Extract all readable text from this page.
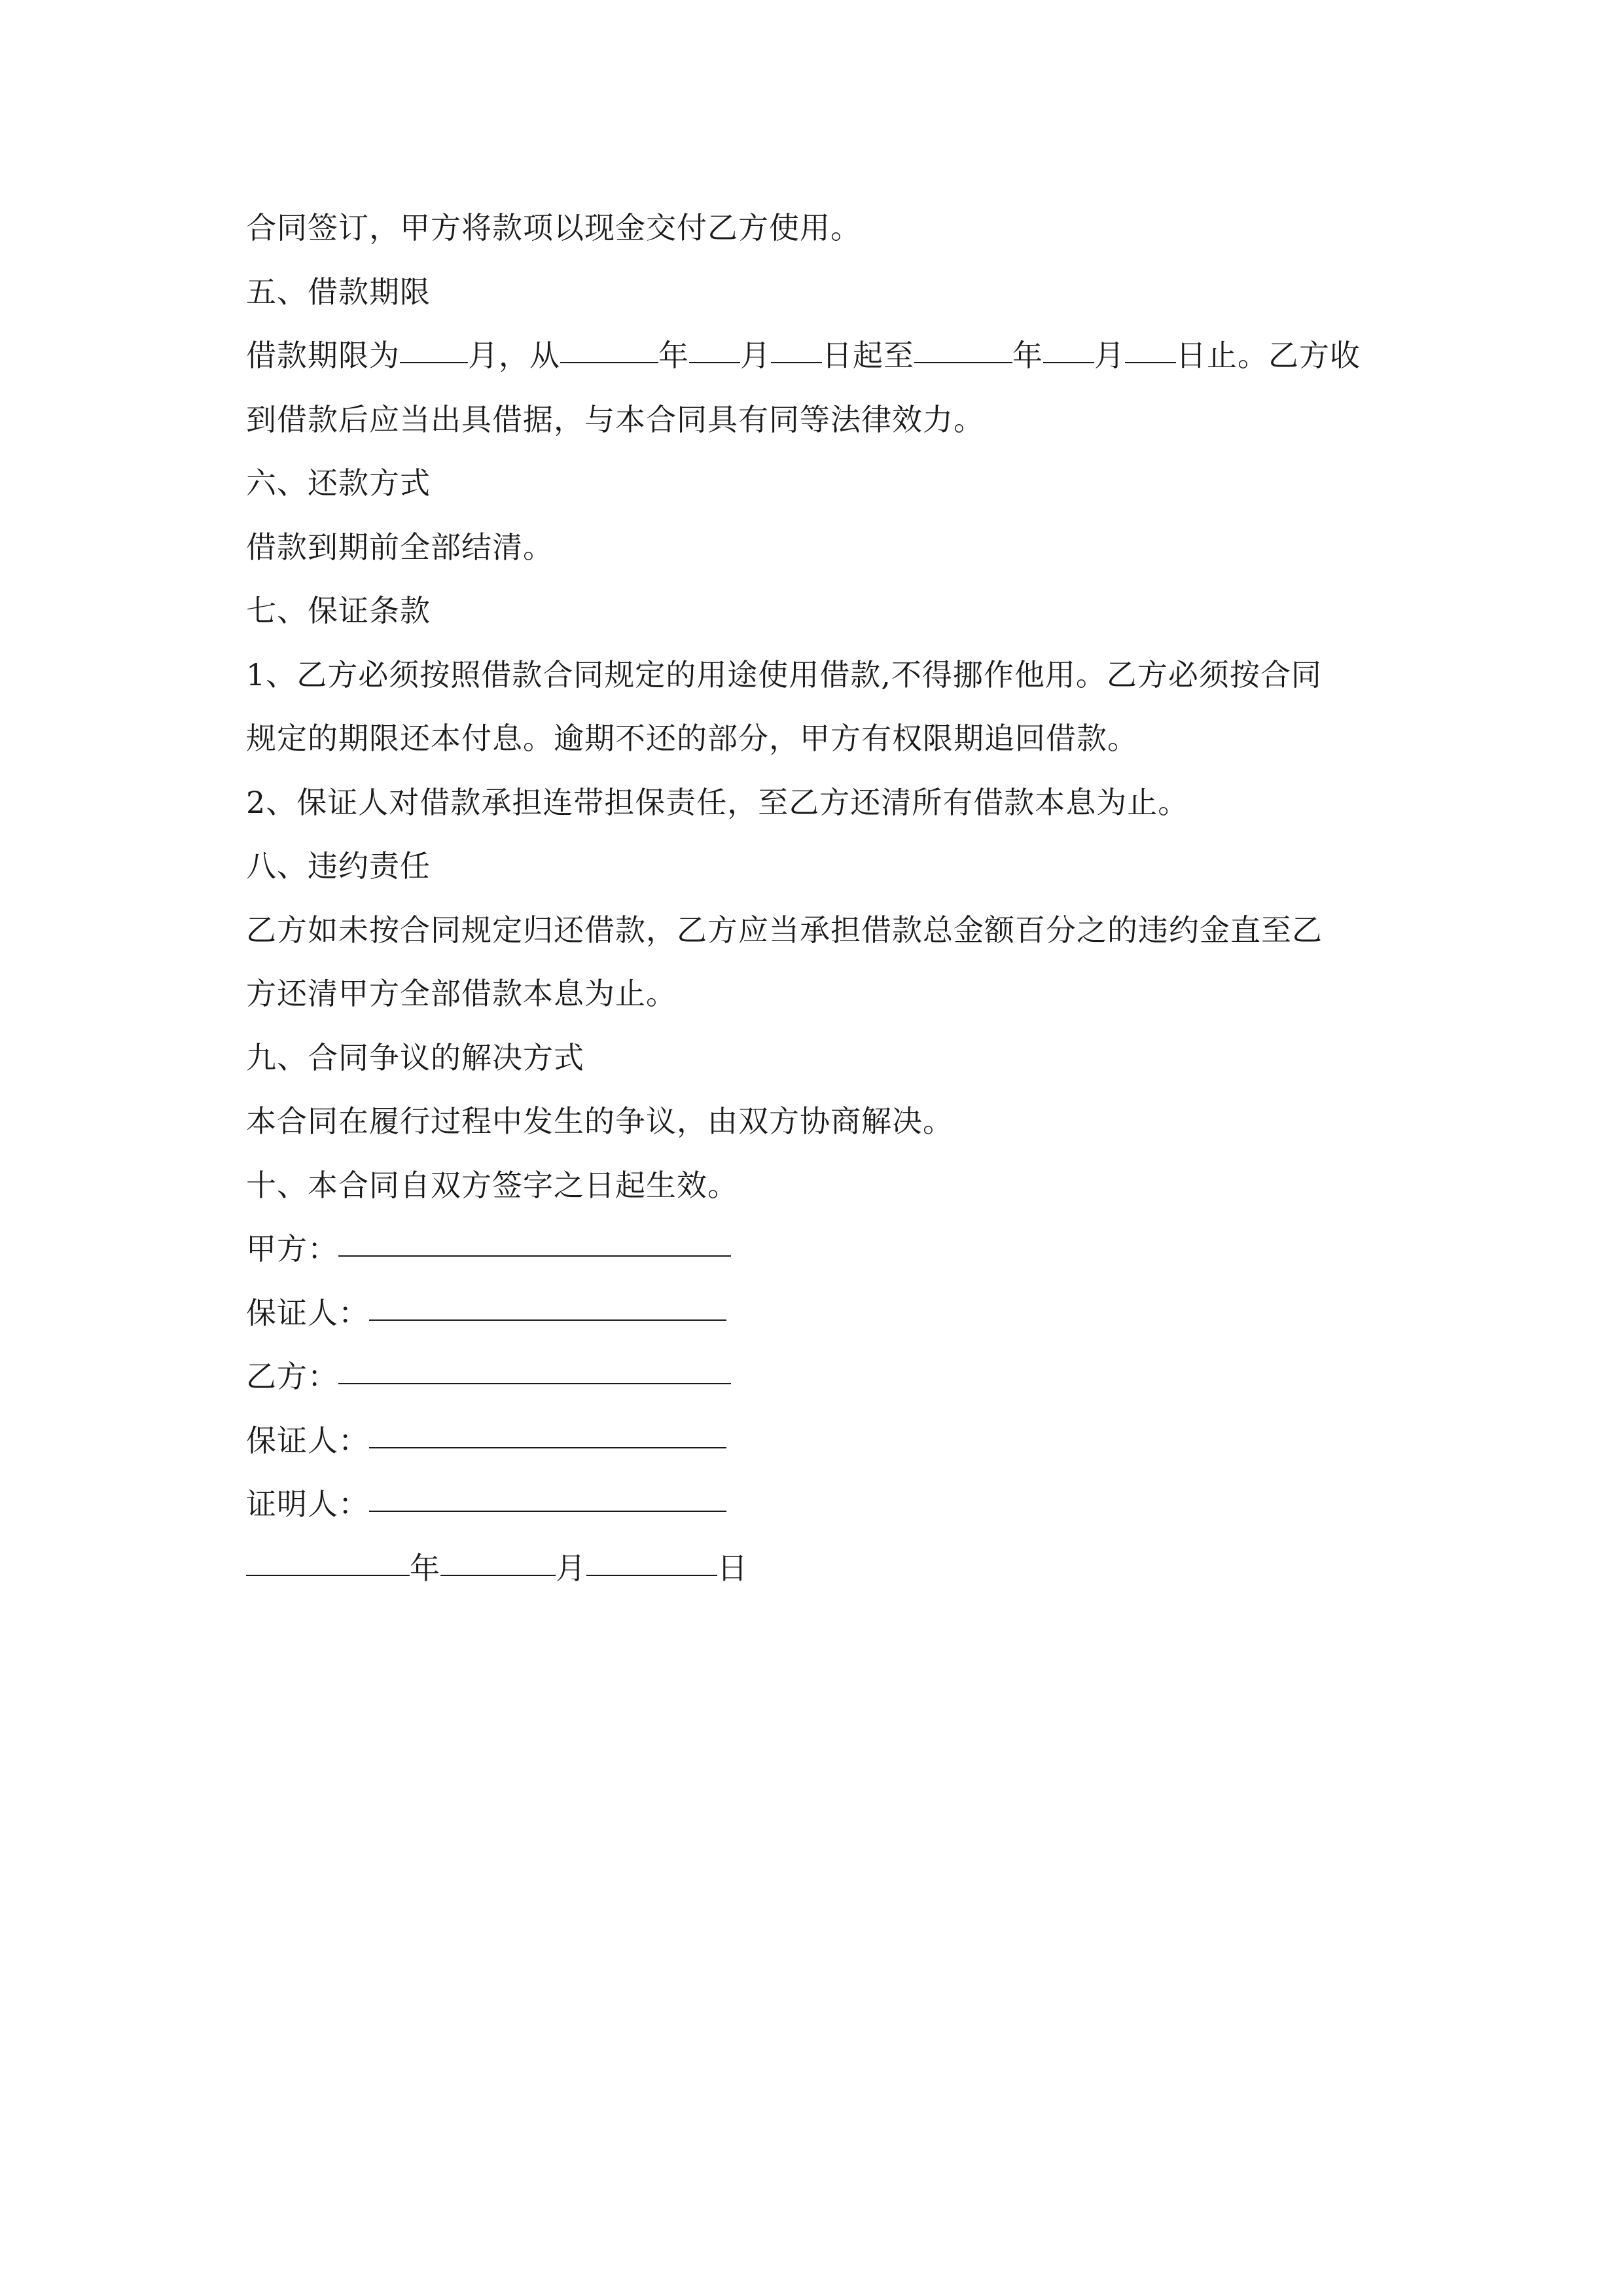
合同签订，甲方将款项以现金交付乙方使用。
五、借款期限
借款期限为 月，从	年 月 日起至	年 月 日止。乙方收
到借款后应当出具借据，与本合同具有同等法律效力。
六、还款方式
借款到期前全部结清。
七、保证条款
1、乙方必须按照借款合同规定的用途使用借款,不得挪作他用。乙方必须按合同
规定的期限还本付息。逾期不还的部分，甲方有权限期追回借款。
2、保证人对借款承担连带担保责任，至乙方还清所有借款本息为止。
八、违约责任
乙方如未按合同规定归还借款，乙方应当承担借款总金额百分之的违约金直至乙
方还清甲方全部借款本息为止。
九、合同争议的解决方式
本合同在履行过程中发生的争议，由双方协商解决。
十、本合同自双方签字之日起生效。
甲方：
保证人：
乙方：
保证人：
证明人：
年	月	日
